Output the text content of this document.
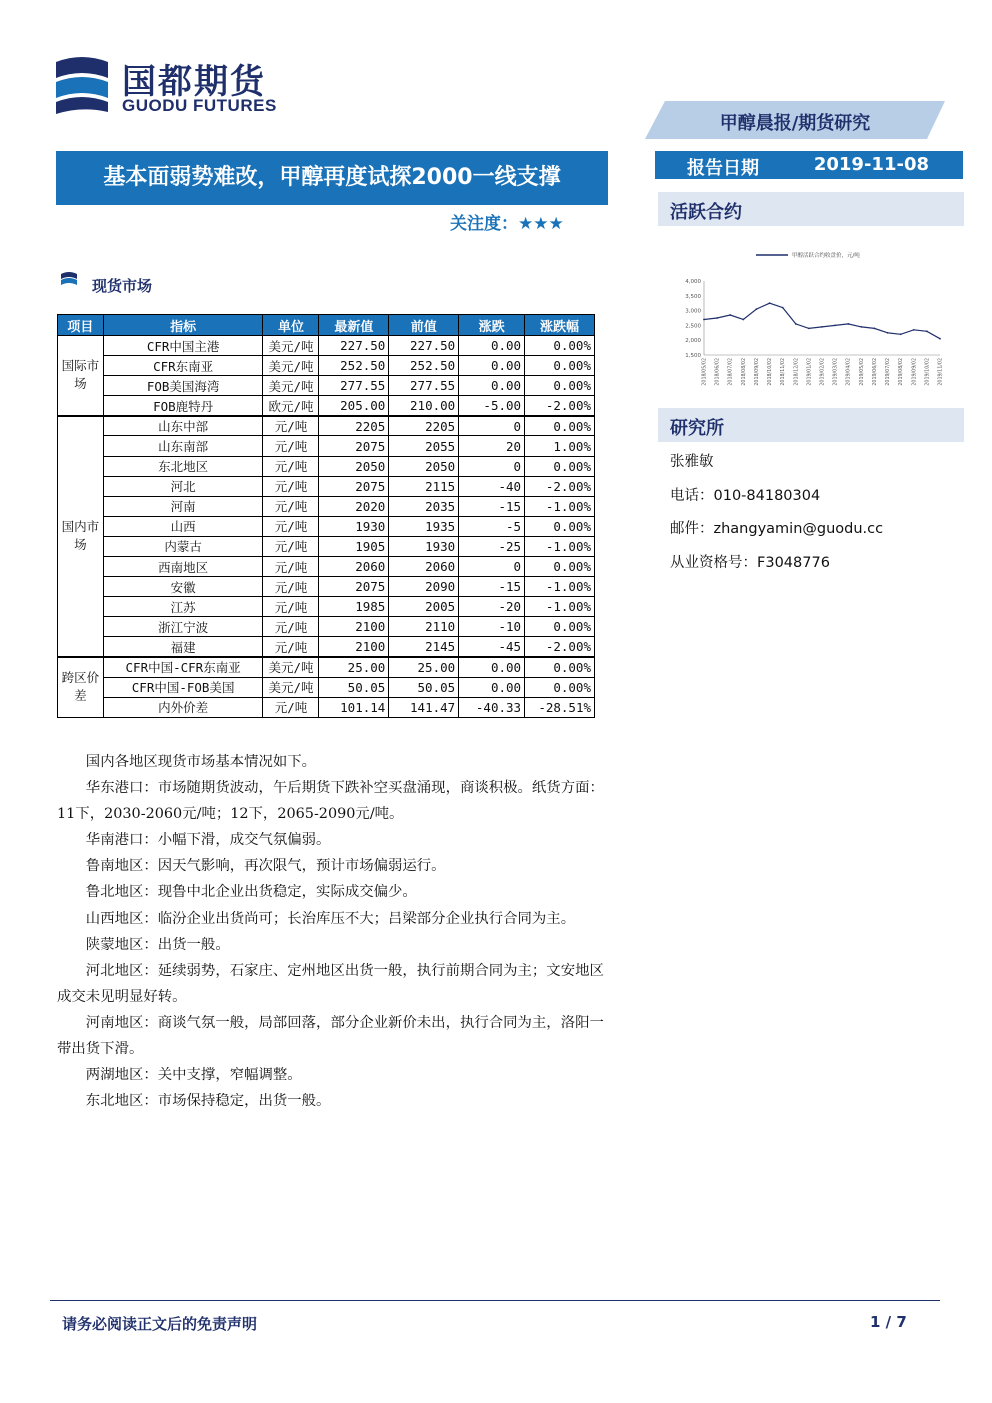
国都期货
GUODU FUTURES
甲醇晨报/期货研究
报告日期	2019-11-08
基本面弱势难改，甲醇再度试探2000一线支撑
关注度：★★★
活跃合约
甲醇活跃合约收盘价，元/吨
1,500
2,000
2,500
3,000
3,500
4,000
2018/05/02 2018/06/02 2018/07/02 2018/08/02 2018/09/02 2018/10/02 2018/11/02 2018/12/02 2019/01/02 2019/02/02 2019/03/02 2019/04/02 2019/05/02 2019/06/02 2019/07/02 2019/08/02 2019/09/02 2019/10/02 2019/11/02
研究所
张雅敏
电话：010-84180304
邮件：zhangyamin@guodu.cc
从业资格号：F3048776
现货市场
项目	指标	单位	最新值	前值	涨跌	涨跌幅
国际市场	CFR中国主港	美元/吨	227.50	227.50	0.00	0.00%
	CFR东南亚	美元/吨	252.50	252.50	0.00	0.00%
	FOB美国海湾	美元/吨	277.55	277.55	0.00	0.00%
	FOB鹿特丹	欧元/吨	205.00	210.00	-5.00	-2.00%
国内市场	山东中部	元/吨	2205	2205	0	0.00%
	山东南部	元/吨	2075	2055	20	1.00%
	东北地区	元/吨	2050	2050	0	0.00%
	河北	元/吨	2075	2115	-40	-2.00%
	河南	元/吨	2020	2035	-15	-1.00%
	山西	元/吨	1930	1935	-5	0.00%
	内蒙古	元/吨	1905	1930	-25	-1.00%
	西南地区	元/吨	2060	2060	0	0.00%
	安徽	元/吨	2075	2090	-15	-1.00%
	江苏	元/吨	1985	2005	-20	-1.00%
	浙江宁波	元/吨	2100	2110	-10	0.00%
	福建	元/吨	2100	2145	-45	-2.00%
跨区价差	CFR中国-CFR东南亚	美元/吨	25.00	25.00	0.00	0.00%
	CFR中国-FOB美国	美元/吨	50.05	50.05	0.00	0.00%
	内外价差	元/吨	101.14	141.47	-40.33	-28.51%

国内各地区现货市场基本情况如下。

华东港口：市场随期货波动，午后期货下跌补空买盘涌现，商谈积极。纸货方面：11下，2030-2060元/吨；12下，2065-2090元/吨。

华南港口：小幅下滑，成交气氛偏弱。

鲁南地区：因天气影响，再次限气，预计市场偏弱运行。

鲁北地区：现鲁中北企业出货稳定，实际成交偏少。

山西地区：临汾企业出货尚可；长治库压不大；吕梁部分企业执行合同为主。

陕蒙地区：出货一般。

河北地区：延续弱势，石家庄、定州地区出货一般，执行前期合同为主；文安地区成交未见明显好转。

河南地区：商谈气氛一般，局部回落，部分企业新价未出，执行合同为主，洛阳一带出货下滑。

两湖地区：关中支撑，窄幅调整。

东北地区：市场保持稳定，出货一般。

请务必阅读正文后的免责声明	1 / 7
